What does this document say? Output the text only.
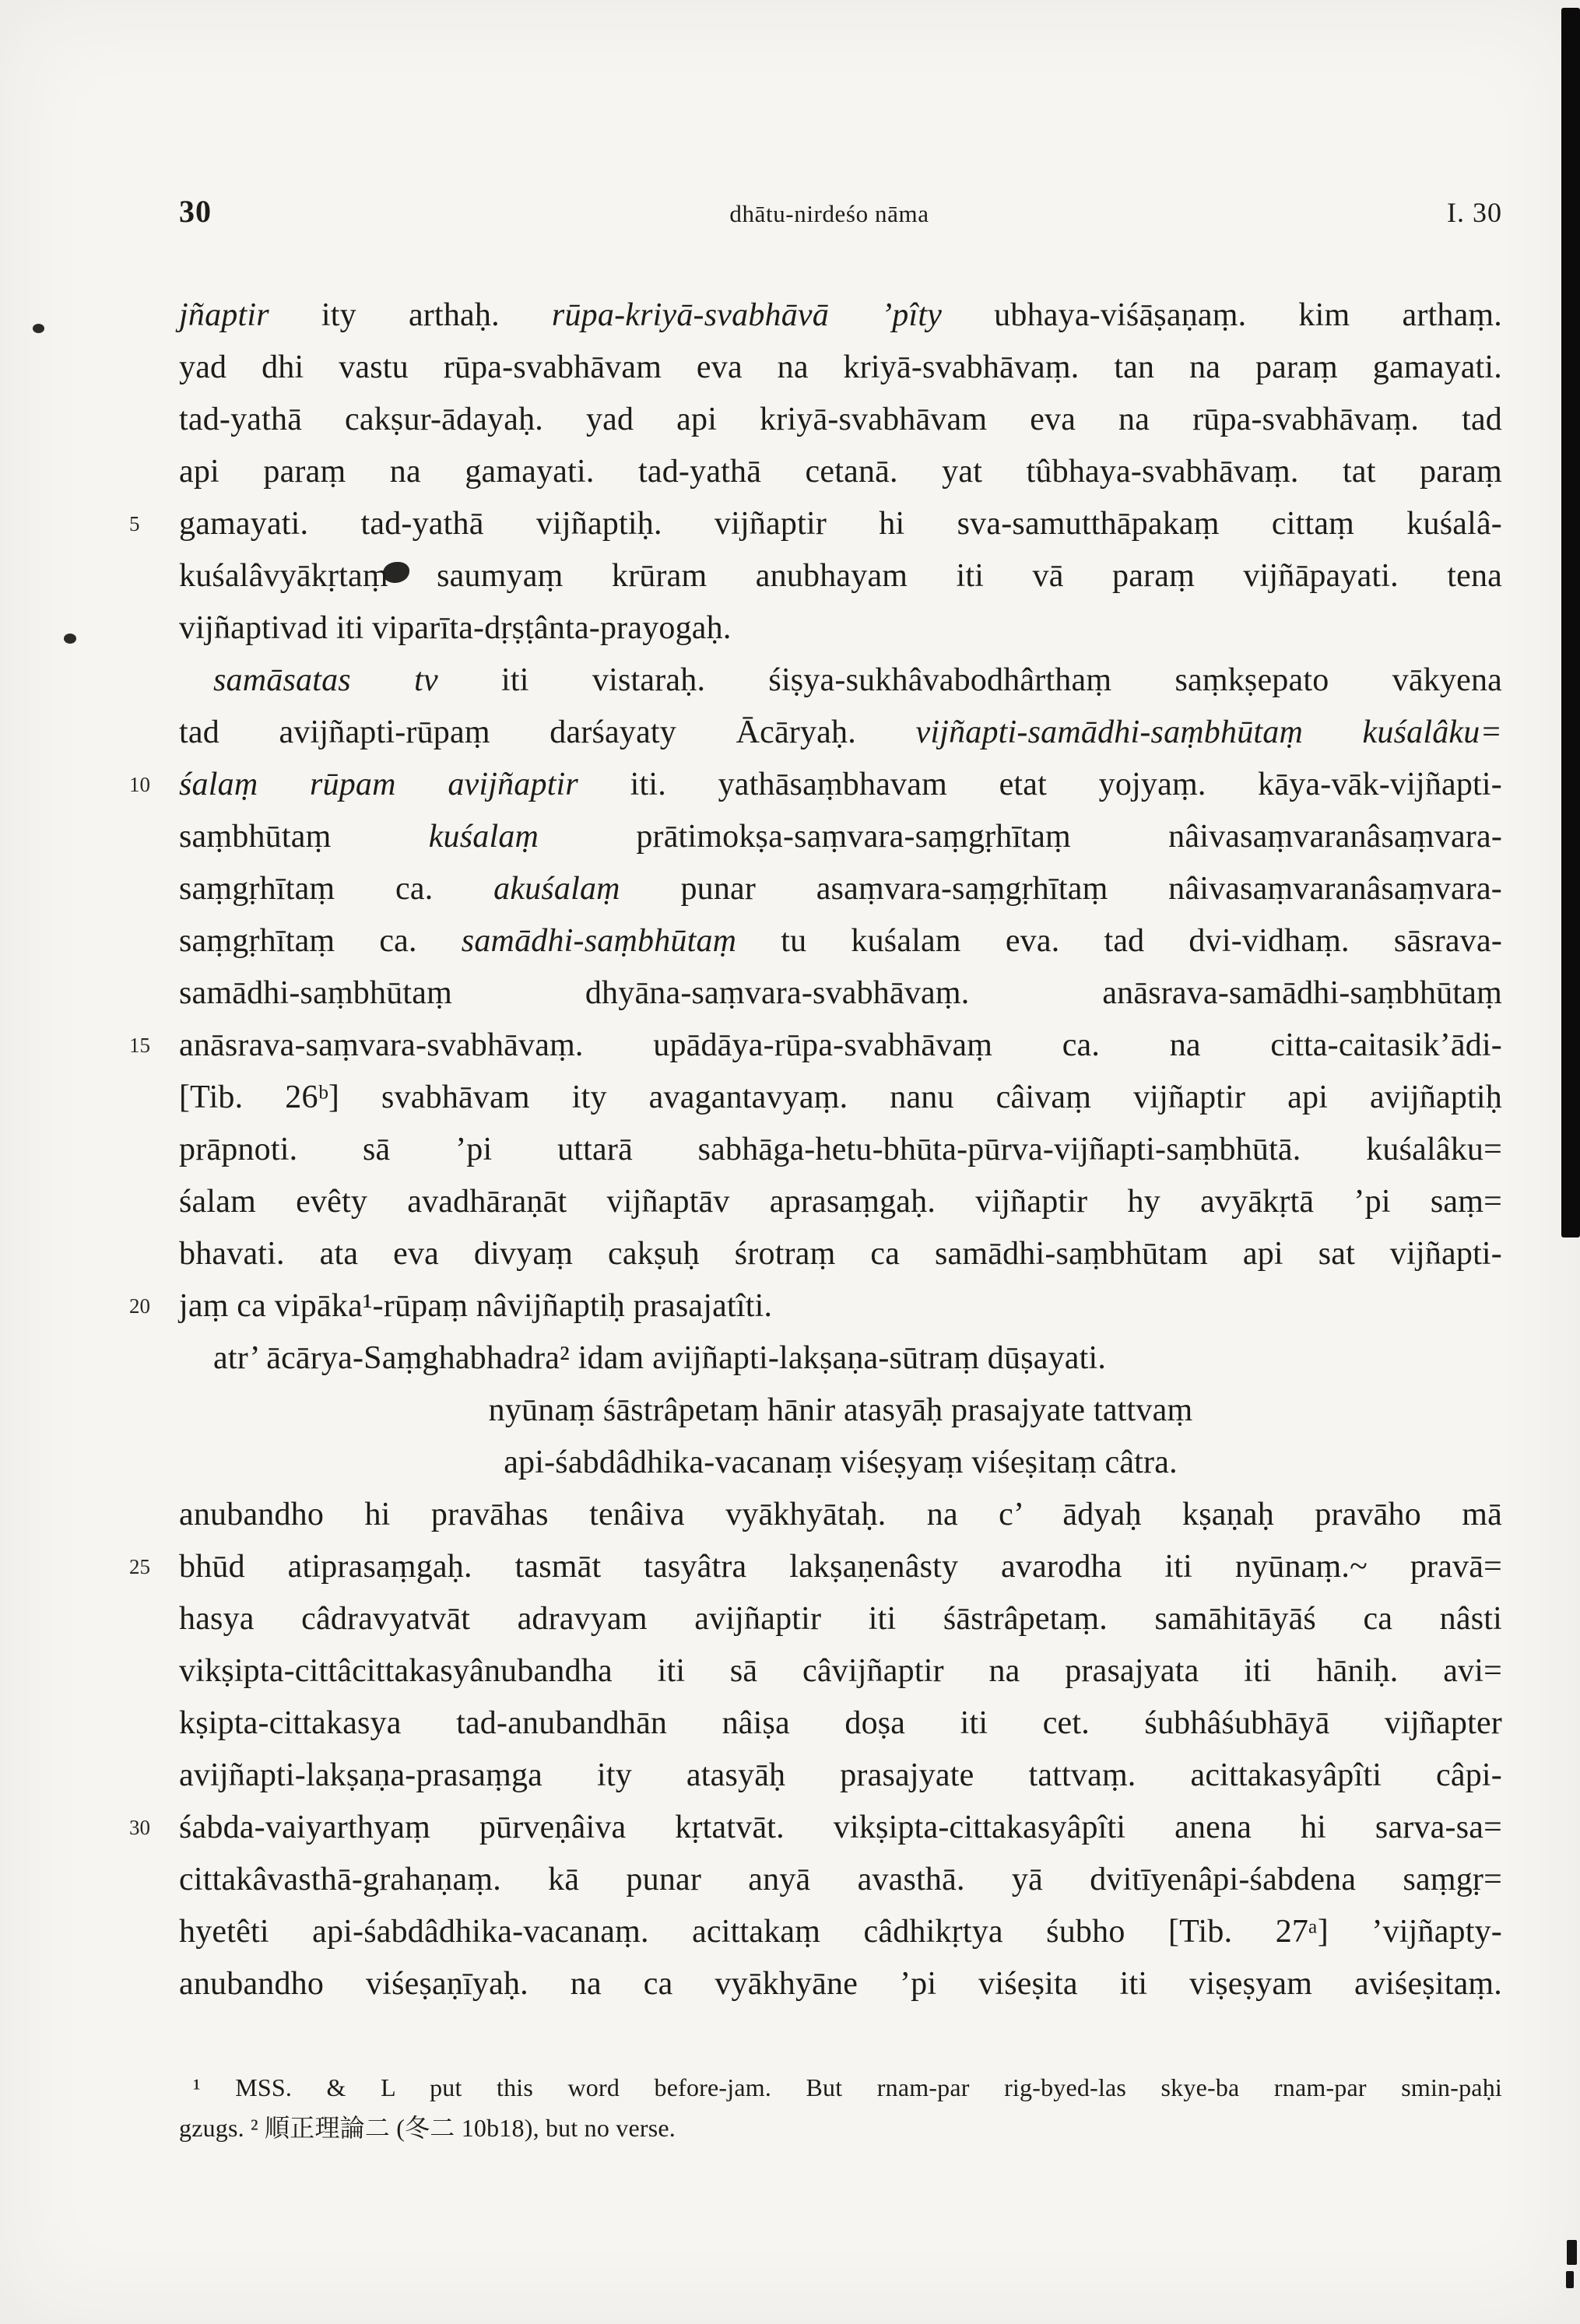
30	dhātu-nirdeśo nāma	I. 30
jñaptir ity arthaḥ. rūpa-kriyā-svabhāvā ’pîty ubhaya-viśāṣaṇaṃ. kim arthaṃ.
yad dhi vastu rūpa-svabhāvam eva na kriyā-svabhāvaṃ. tan na paraṃ gamayati.
tad-yathā cakṣur-ādayaḥ. yad api kriyā-svabhāvam eva na rūpa-svabhāvaṃ. tad
api paraṃ na gamayati. tad-yathā cetanā. yat tûbhaya-svabhāvaṃ. tat paraṃ
5	gamayati. tad-yathā vijñaptiḥ. vijñaptir hi sva-samutthāpakaṃ cittaṃ kuśalâ-
kuśalâvyākṛtaṃ saumyaṃ krūram anubhayam iti vā paraṃ vijñāpayati. tena
vijñaptivad iti viparīta-dṛṣṭânta-prayogaḥ.
samāsatas tv iti vistaraḥ. śiṣya-sukhâvabodhârthaṃ saṃkṣepato vākyena
tad avijñapti-rūpaṃ darśayaty Ācāryaḥ. vijñapti-samādhi-saṃbhūtaṃ kuśalâku=
10 śalaṃ rūpam avijñaptir iti. yathāsaṃbhavam etat yojyaṃ. kāya-vāk-vijñapti-
saṃbhūtaṃ kuśalaṃ prātimokṣa-saṃvara-saṃgṛhītaṃ nâivasaṃvaranâsaṃvara-
saṃgṛhītaṃ ca. akuśalaṃ punar asaṃvara-saṃgṛhītaṃ nâivasaṃvaranâsaṃvara-
saṃgṛhītaṃ ca. samādhi-saṃbhūtaṃ tu kuśalam eva. tad dvi-vidhaṃ. sāsrava-
samādhi-saṃbhūtaṃ dhyāna-saṃvara-svabhāvaṃ. anāsrava-samādhi-saṃbhūtaṃ
15 anāsrava-saṃvara-svabhāvaṃ. upādāya-rūpa-svabhāvaṃ ca. na citta-caitasik’ādi-
[Tib. 26ᵇ] svabhāvam ity avagantavyaṃ. nanu câivaṃ vijñaptir api avijñaptiḥ
prāpnoti. sā ’pi uttarā sabhāga-hetu-bhūta-pūrva-vijñapti-saṃbhūtā. kuśalâku=
śalam evêty avadhāraṇāt vijñaptāv aprasaṃgaḥ. vijñaptir hy avyākṛtā ’pi saṃ=
bhavati. ata eva divyaṃ cakṣuḥ śrotraṃ ca samādhi-saṃbhūtam api sat vijñapti-
20 jaṃ ca vipāka¹-rūpaṃ nâvijñaptiḥ prasajatîti.
atr’ ācārya-Saṃghabhadra² idam avijñapti-lakṣaṇa-sūtraṃ dūṣayati.
nyūnaṃ śāstrâpetaṃ hānir atasyāḥ prasajyate tattvaṃ
api-śabdâdhika-vacanaṃ viśeṣyaṃ viśeṣitaṃ câtra.
anubandho hi pravāhas tenâiva vyākhyātaḥ. na c’ ādyaḥ kṣaṇaḥ pravāho mā
25 bhūd atiprasaṃgaḥ. tasmāt tasyâtra lakṣaṇenâsty avarodha iti nyūnaṃ.~ pravā=
hasya câdravyatvāt adravyam avijñaptir iti śāstrâpetaṃ. samāhitāyāś ca nâsti
vikṣipta-cittâcittakasyânubandha iti sā câvijñaptir na prasajyata iti hāniḥ. avi=
kṣipta-cittakasya tad-anubandhān nâiṣa doṣa iti cet. śubhâśubhāyā vijñapter
avijñapti-lakṣaṇa-prasaṃga ity atasyāḥ prasajyate tattvaṃ. acittakasyâpîti câpi-
30 śabda-vaiyarthyaṃ pūrveṇâiva kṛtatvāt. vikṣipta-cittakasyâpîti anena hi sarva-sa=
cittakâvasthā-grahaṇaṃ. kā punar anyā avasthā. yā dvitīyenâpi-śabdena saṃgṛ=
hyetêti api-śabdâdhika-vacanaṃ. acittakaṃ câdhikṛtya śubho [Tib. 27ᵃ] ’vijñapty-
anubandho viśeṣaṇīyaḥ. na ca vyākhyāne ’pi viśeṣita iti viṣeṣyam aviśeṣitaṃ.
¹ MSS. & L put this word before-jam. But rnam-par rig-byed-las skye-ba rnam-par smin-paḥi
gzugs. ² 順正理論二 (冬二 10b18), but no verse.
